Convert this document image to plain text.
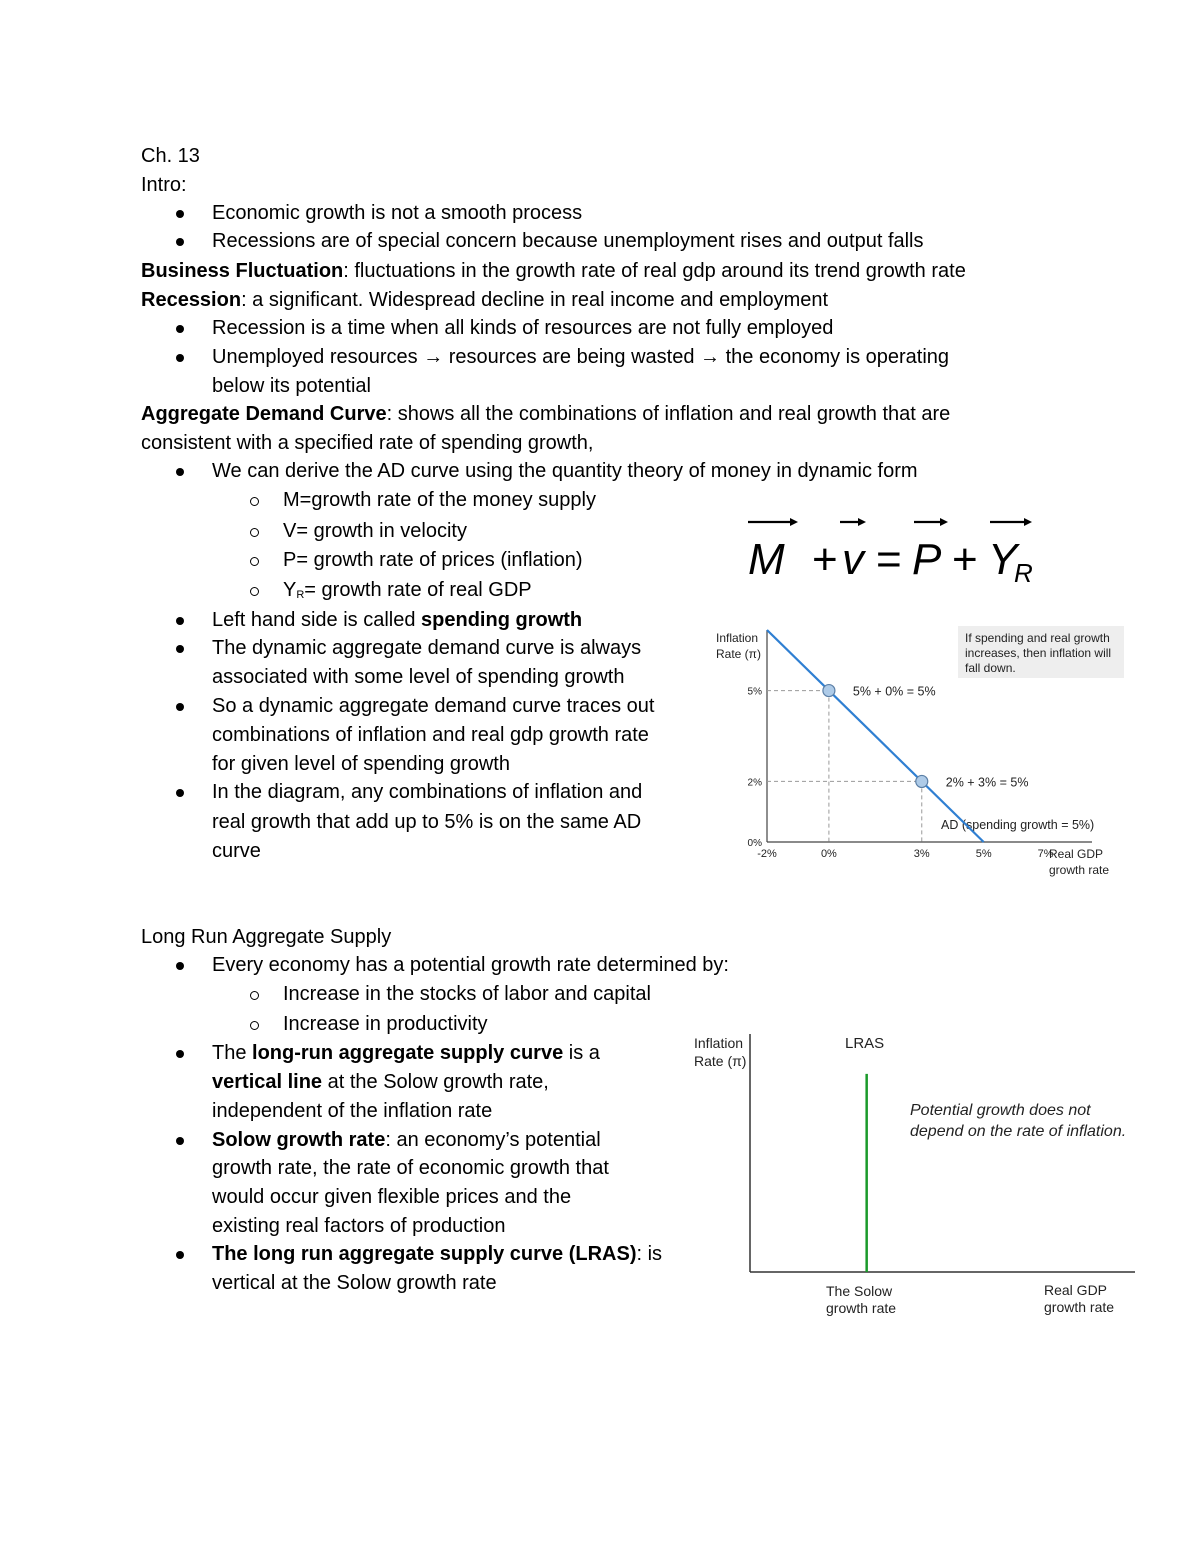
Ch. 13
Intro:
Economic growth is not a smooth process
Recessions are of special concern because unemployment rises and output falls
Business Fluctuation: fluctuations in the growth rate of real gdp around its trend growth rate
Recession: a significant. Widespread decline in real income and employment
Recession is a time when all kinds of resources are not fully employed
Unemployed resources → resources are being wasted → the economy is operating
below its potential
Aggregate Demand Curve: shows all the combinations of inflation and real growth that are
consistent with a specified rate of spending growth,
We can derive the AD curve using the quantity theory of money in dynamic form
M=growth rate of the money supply
V= growth in velocity
P= growth rate of prices (inflation)
YR= growth rate of real GDP
Left hand side is called spending growth
The dynamic aggregate demand curve is always
associated with some level of spending growth
So a dynamic aggregate demand curve traces out
combinations of inflation and real gdp growth rate
for given level of spending growth
In the diagram, any combinations of inflation and
real growth that add up to 5% is on the same AD
curve
M + v = P + Y
R
If spending and real growth
increases, then inflation will
fall down.
Inflation
Rate (π)
Real GDP
growth rate
AD (spending growth = 5%)
-2%	0%	3%	5%	7%
0%
2%
5%	5% + 0% = 5%
2% + 3% = 5%
Long Run Aggregate Supply
Every economy has a potential growth rate determined by:
Increase in the stocks of labor and capital
Increase in productivity
The long-run aggregate supply curve is a
vertical line at the Solow growth rate,
independent of the inflation rate
Solow growth rate: an economy’s potential
growth rate, the rate of economic growth that
would occur given flexible prices and the
existing real factors of production
The long run aggregate supply curve (LRAS): is
vertical at the Solow growth rate
Inflation
Rate (π)
LRAS
Potential growth does not
depend on the rate of inflation.
The Solow
growth rate
Real GDP
growth rate
